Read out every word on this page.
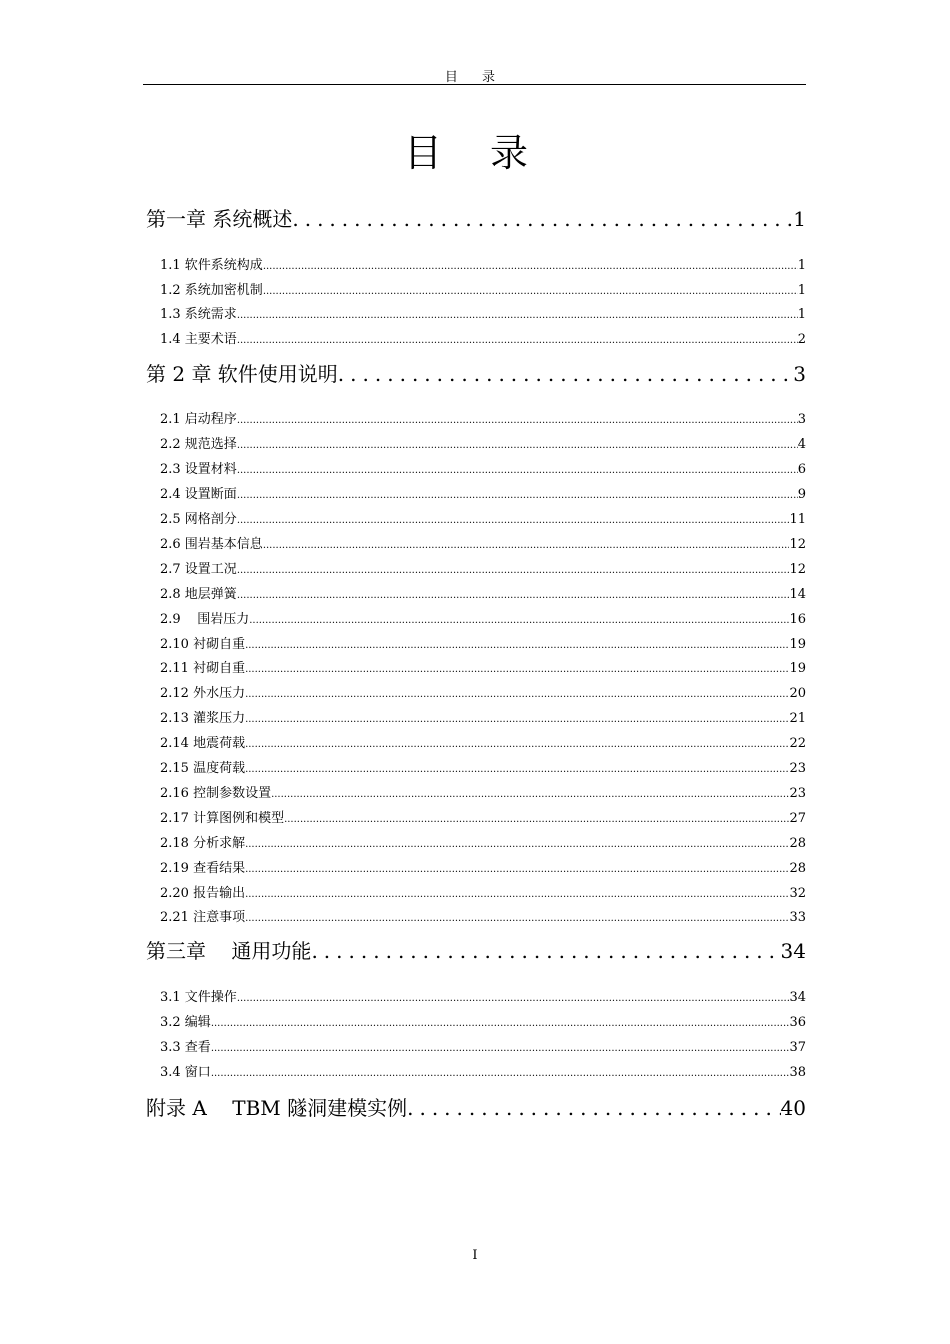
目 录
目 录
第一章 系统概述 .....	1
1.1 软件系统构成 .....	1
1.2 系统加密机制 .....	1
1.3 系统需求 .....	1
1.4 主要术语 .....	2
第 2 章 软件使用说明 .....	3
2.1 启动程序 .....	3
2.2 规范选择 .....	4
2.3 设置材料 .....	6
2.4 设置断面 .....	9
2.5 网格剖分 .....	11
2.6 围岩基本信息 .....	12
2.7 设置工况 .....	12
2.8 地层弹簧 .....	14
2.9    围岩压力 .....	16
2.10 衬砌自重 .....	19
2.11 衬砌自重 .....	19
2.12 外水压力 .....	20
2.13 灌浆压力 .....	21
2.14 地震荷载 .....	22
2.15 温度荷载 .....	23
2.16 控制参数设置 .....	23
2.17 计算图例和模型 .....	27
2.18 分析求解 .....	28
2.19 查看结果 .....	28
2.20 报告输出 .....	32
2.21 注意事项 .....	33
第三章    通用功能 .....	34
3.1 文件操作 .....	34
3.2 编辑 .....	36
3.3 查看 .....	37
3.4 窗口 .....	38
附录 A    TBM 隧洞建模实例 .....	40
I
